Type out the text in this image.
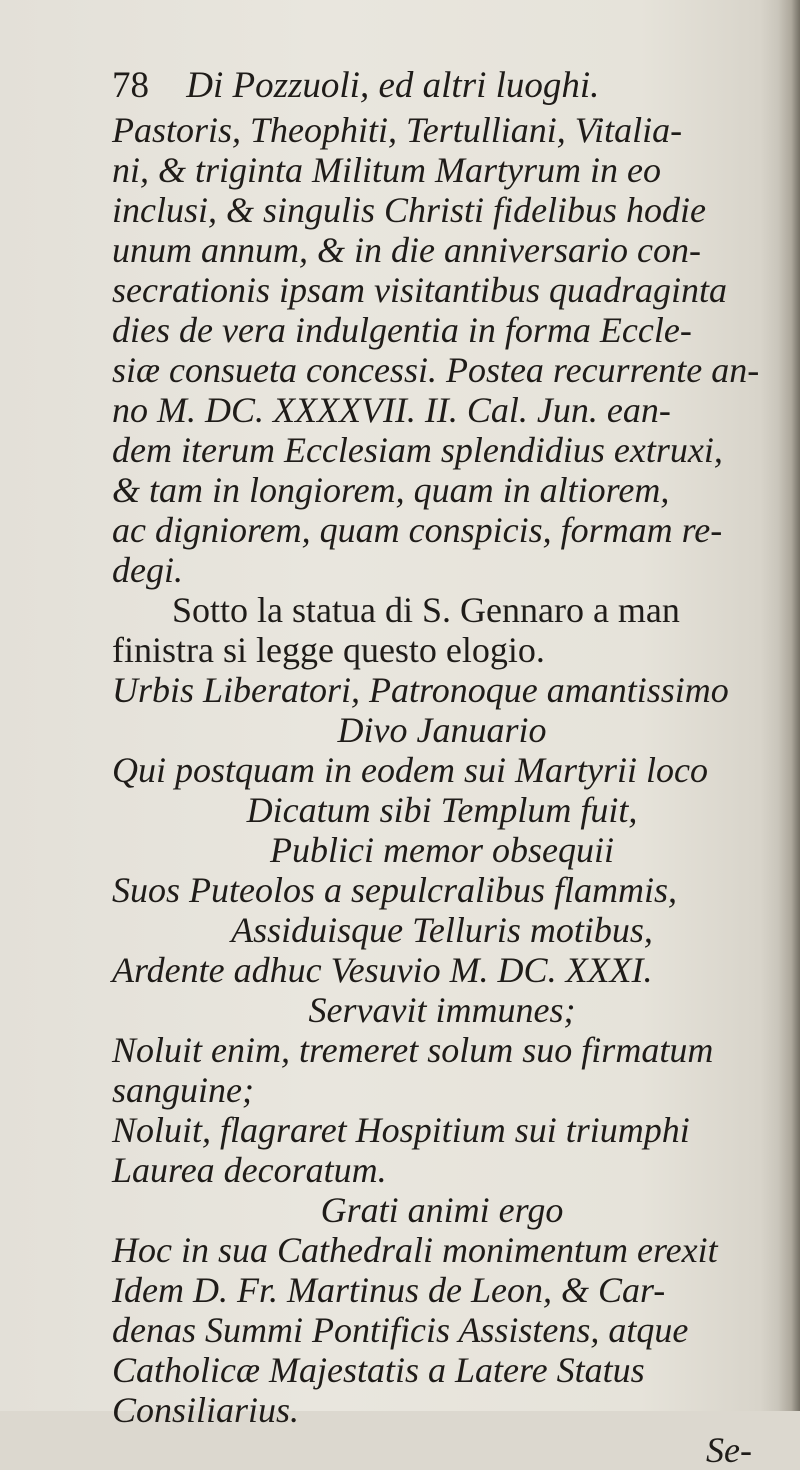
78 Di Pozzuoli, ed altri luoghi.
Pastoris, Theophiti, Tertulliani, Vitalia-
ni, & triginta Militum Martyrum in eo
inclusi, & singulis Christi fidelibus hodie
unum annum, & in die anniversario con-
secrationis ipsam visitantibus quadraginta
dies de vera indulgentia in forma Eccle-
siæ consueta concessi. Postea recurrente an-
no M. DC. XXXXVII. II. Cal. Jun. ean-
dem iterum Ecclesiam splendidius extruxi,
& tam in longiorem, quam in altiorem,
ac digniorem, quam conspicis, formam re-
degi.
Sotto la statua di S. Gennaro a man
finistra si legge questo elogio.
Urbis Liberatori, Patronoque amantissimo
Divo Januario
Qui postquam in eodem sui Martyrii loco
Dicatum sibi Templum fuit,
Publici memor obsequii
Suos Puteolos a sepulcralibus flammis,
Assiduisque Telluris motibus,
Ardente adhuc Vesuvio M. DC. XXXI.
Servavit immunes;
Noluit enim, tremeret solum suo firmatum
sanguine;
Noluit, flagraret Hospitium sui triumphi
Laurea decoratum.
Grati animi ergo
Hoc in sua Cathedrali monimentum erexit
Idem D. Fr. Martinus de Leon, & Car-
denas Summi Pontificis Assistens, atque
Catholicæ Majestatis a Latere Status
Consiliarius.
Se-
